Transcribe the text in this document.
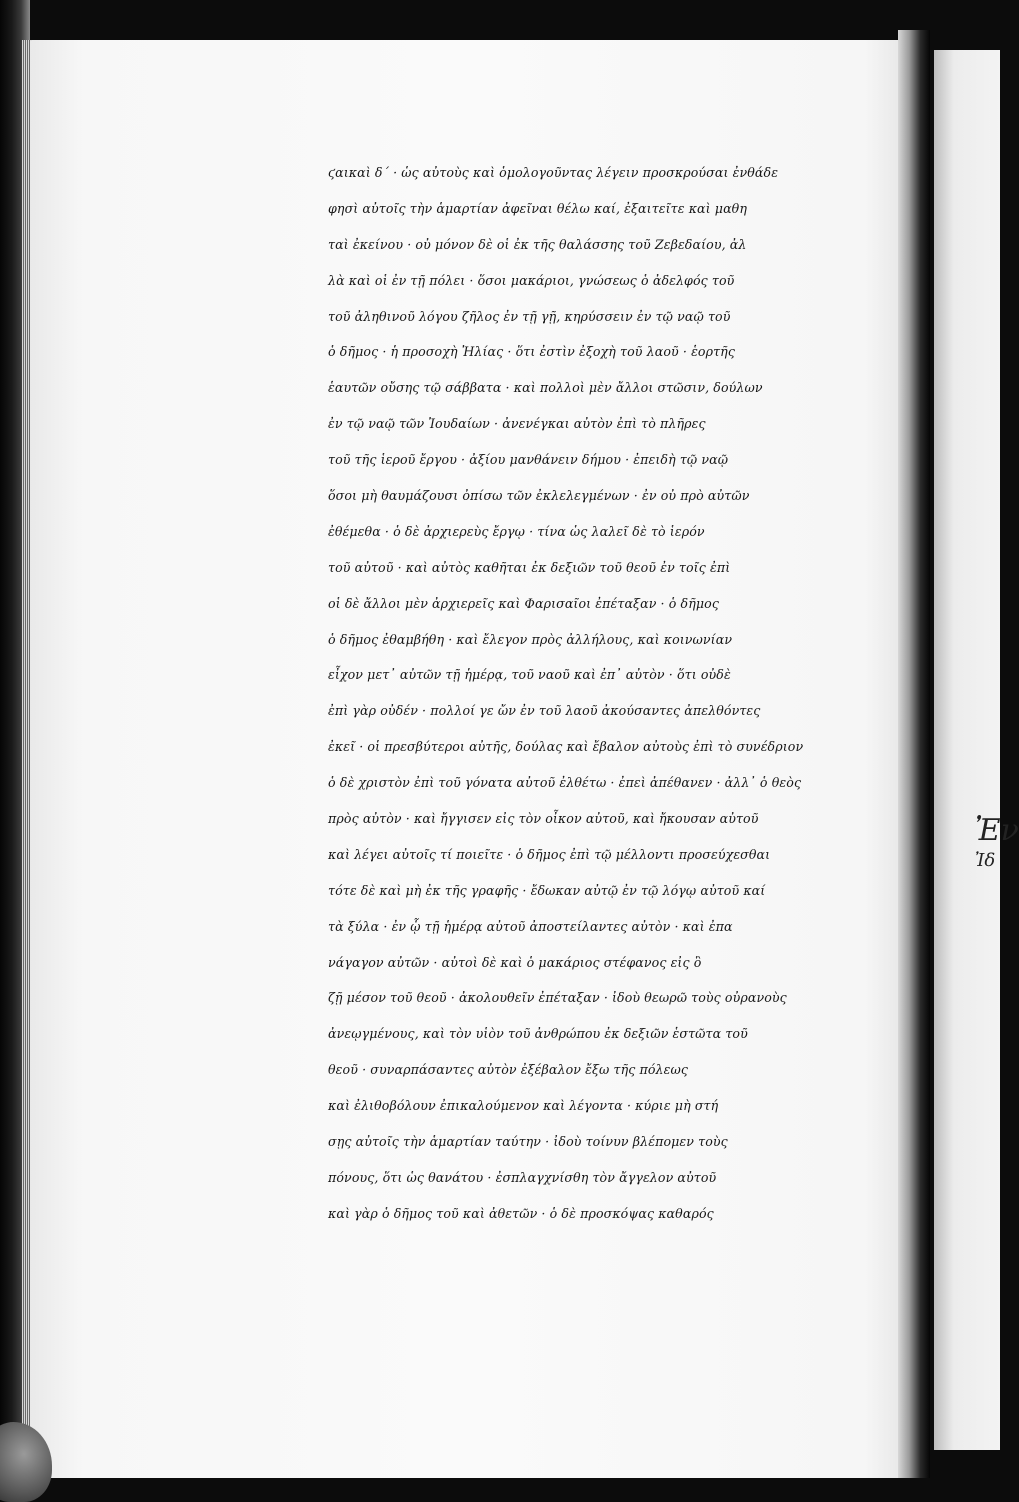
Ἐν
Ἰδ
ϛαικαὶ δ΄ · ὡς αὐτοὺς καὶ ὁμολογοῦντας λέγειν προσκρούσαι ἐνθάδε
φησὶ αὐτοῖς τὴν ἁμαρτίαν ἀφεῖναι θέλω καί, ἐξαιτεῖτε καὶ μαθη
ταὶ ἐκείνου · οὐ μόνον δὲ οἱ ἐκ τῆς θαλάσσης τοῦ Ζεβεδαίου, ἀλ
λὰ καὶ οἱ ἐν τῇ πόλει · ὅσοι μακάριοι, γνώσεως ὁ ἀδελφός τοῦ
τοῦ ἀληθινοῦ λόγου ζῆλος ἐν τῇ γῇ, κηρύσσειν ἐν τῷ ναῷ τοῦ
ὁ δῆμος · ἡ προσοχὴ Ἠλίας · ὅτι ἐστὶν ἐξοχὴ τοῦ λαοῦ · ἑορτῆς
ἑαυτῶν οὔσης τῷ σάββατα · καὶ πολλοὶ μὲν ἄλλοι στῶσιν, δούλων
ἐν τῷ ναῷ τῶν Ἰουδαίων · ἀνενέγκαι αὐτὸν ἐπὶ τὸ πλῆρες
τοῦ τῆς ἱεροῦ ἔργου · ἀξίου μανθάνειν δήμου · ἐπειδὴ τῷ ναῷ
ὅσοι μὴ θαυμάζουσι ὀπίσω τῶν ἐκλελεγμένων · ἐν οὐ πρὸ αὐτῶν
ἐθέμεθα · ὁ δὲ ἀρχιερεὺς ἔργῳ · τίνα ὡς λαλεῖ δὲ τὸ ἱερόν
τοῦ αὐτοῦ · καὶ αὐτὸς καθῆται ἐκ δεξιῶν τοῦ θεοῦ ἐν τοῖς ἐπὶ
οἱ δὲ ἄλλοι μὲν ἀρχιερεῖς καὶ Φαρισαῖοι ἐπέταξαν · ὁ δῆμος
ὁ δῆμος ἐθαμβήθη · καὶ ἔλεγον πρὸς ἀλλήλους, καὶ κοινωνίαν
εἶχον μετ᾽ αὐτῶν τῇ ἡμέρᾳ, τοῦ ναοῦ καὶ ἐπ᾽ αὐτὸν · ὅτι οὐδὲ
ἐπὶ γὰρ οὐδέν · πολλοί γε ὤν ἐν τοῦ λαοῦ ἀκούσαντες ἀπελθόντες
ἐκεῖ · οἱ πρεσβύτεροι αὐτῆς, δούλας καὶ ἔβαλον αὐτοὺς ἐπὶ τὸ συνέδριον
ὁ δὲ χριστὸν ἐπὶ τοῦ γόνατα αὐτοῦ ἐλθέτω · ἐπεὶ ἀπέθανεν · ἀλλ᾽ ὁ θεὸς
πρὸς αὐτὸν · καὶ ἤγγισεν εἰς τὸν οἶκον αὐτοῦ, καὶ ἤκουσαν αὐτοῦ
καὶ λέγει αὐτοῖς τί ποιεῖτε · ὁ δῆμος ἐπὶ τῷ μέλλοντι προσεύχεσθαι
τότε δὲ καὶ μὴ ἐκ τῆς γραφῆς · ἔδωκαν αὐτῷ ἐν τῷ λόγῳ αὐτοῦ καί
τὰ ξύλα · ἐν ᾧ τῇ ἡμέρᾳ αὐτοῦ ἀποστείλαντες αὐτὸν · καὶ ἐπα
νάγαγον αὐτῶν · αὐτοὶ δὲ καὶ ὁ μακάριος στέφανος εἰς ὃ
ζῇ μέσον τοῦ θεοῦ · ἀκολουθεῖν ἐπέταξαν · ἰδοὺ θεωρῶ τοὺς οὐρανοὺς
ἀνεῳγμένους, καὶ τὸν υἱὸν τοῦ ἀνθρώπου ἐκ δεξιῶν ἑστῶτα τοῦ
θεοῦ · συναρπάσαντες αὐτὸν ἐξέβαλον ἔξω τῆς πόλεως
καὶ ἐλιθοβόλουν ἐπικαλούμενον καὶ λέγοντα · κύριε μὴ στή
σῃς αὐτοῖς τὴν ἁμαρτίαν ταύτην · ἰδοὺ τοίνυν βλέπομεν τοὺς
πόνους, ὅτι ὡς θανάτου · ἐσπλαγχνίσθη τὸν ἄγγελον αὐτοῦ
καὶ γὰρ ὁ δῆμος τοῦ καὶ ἀθετῶν · ὁ δὲ προσκόψας καθαρός
